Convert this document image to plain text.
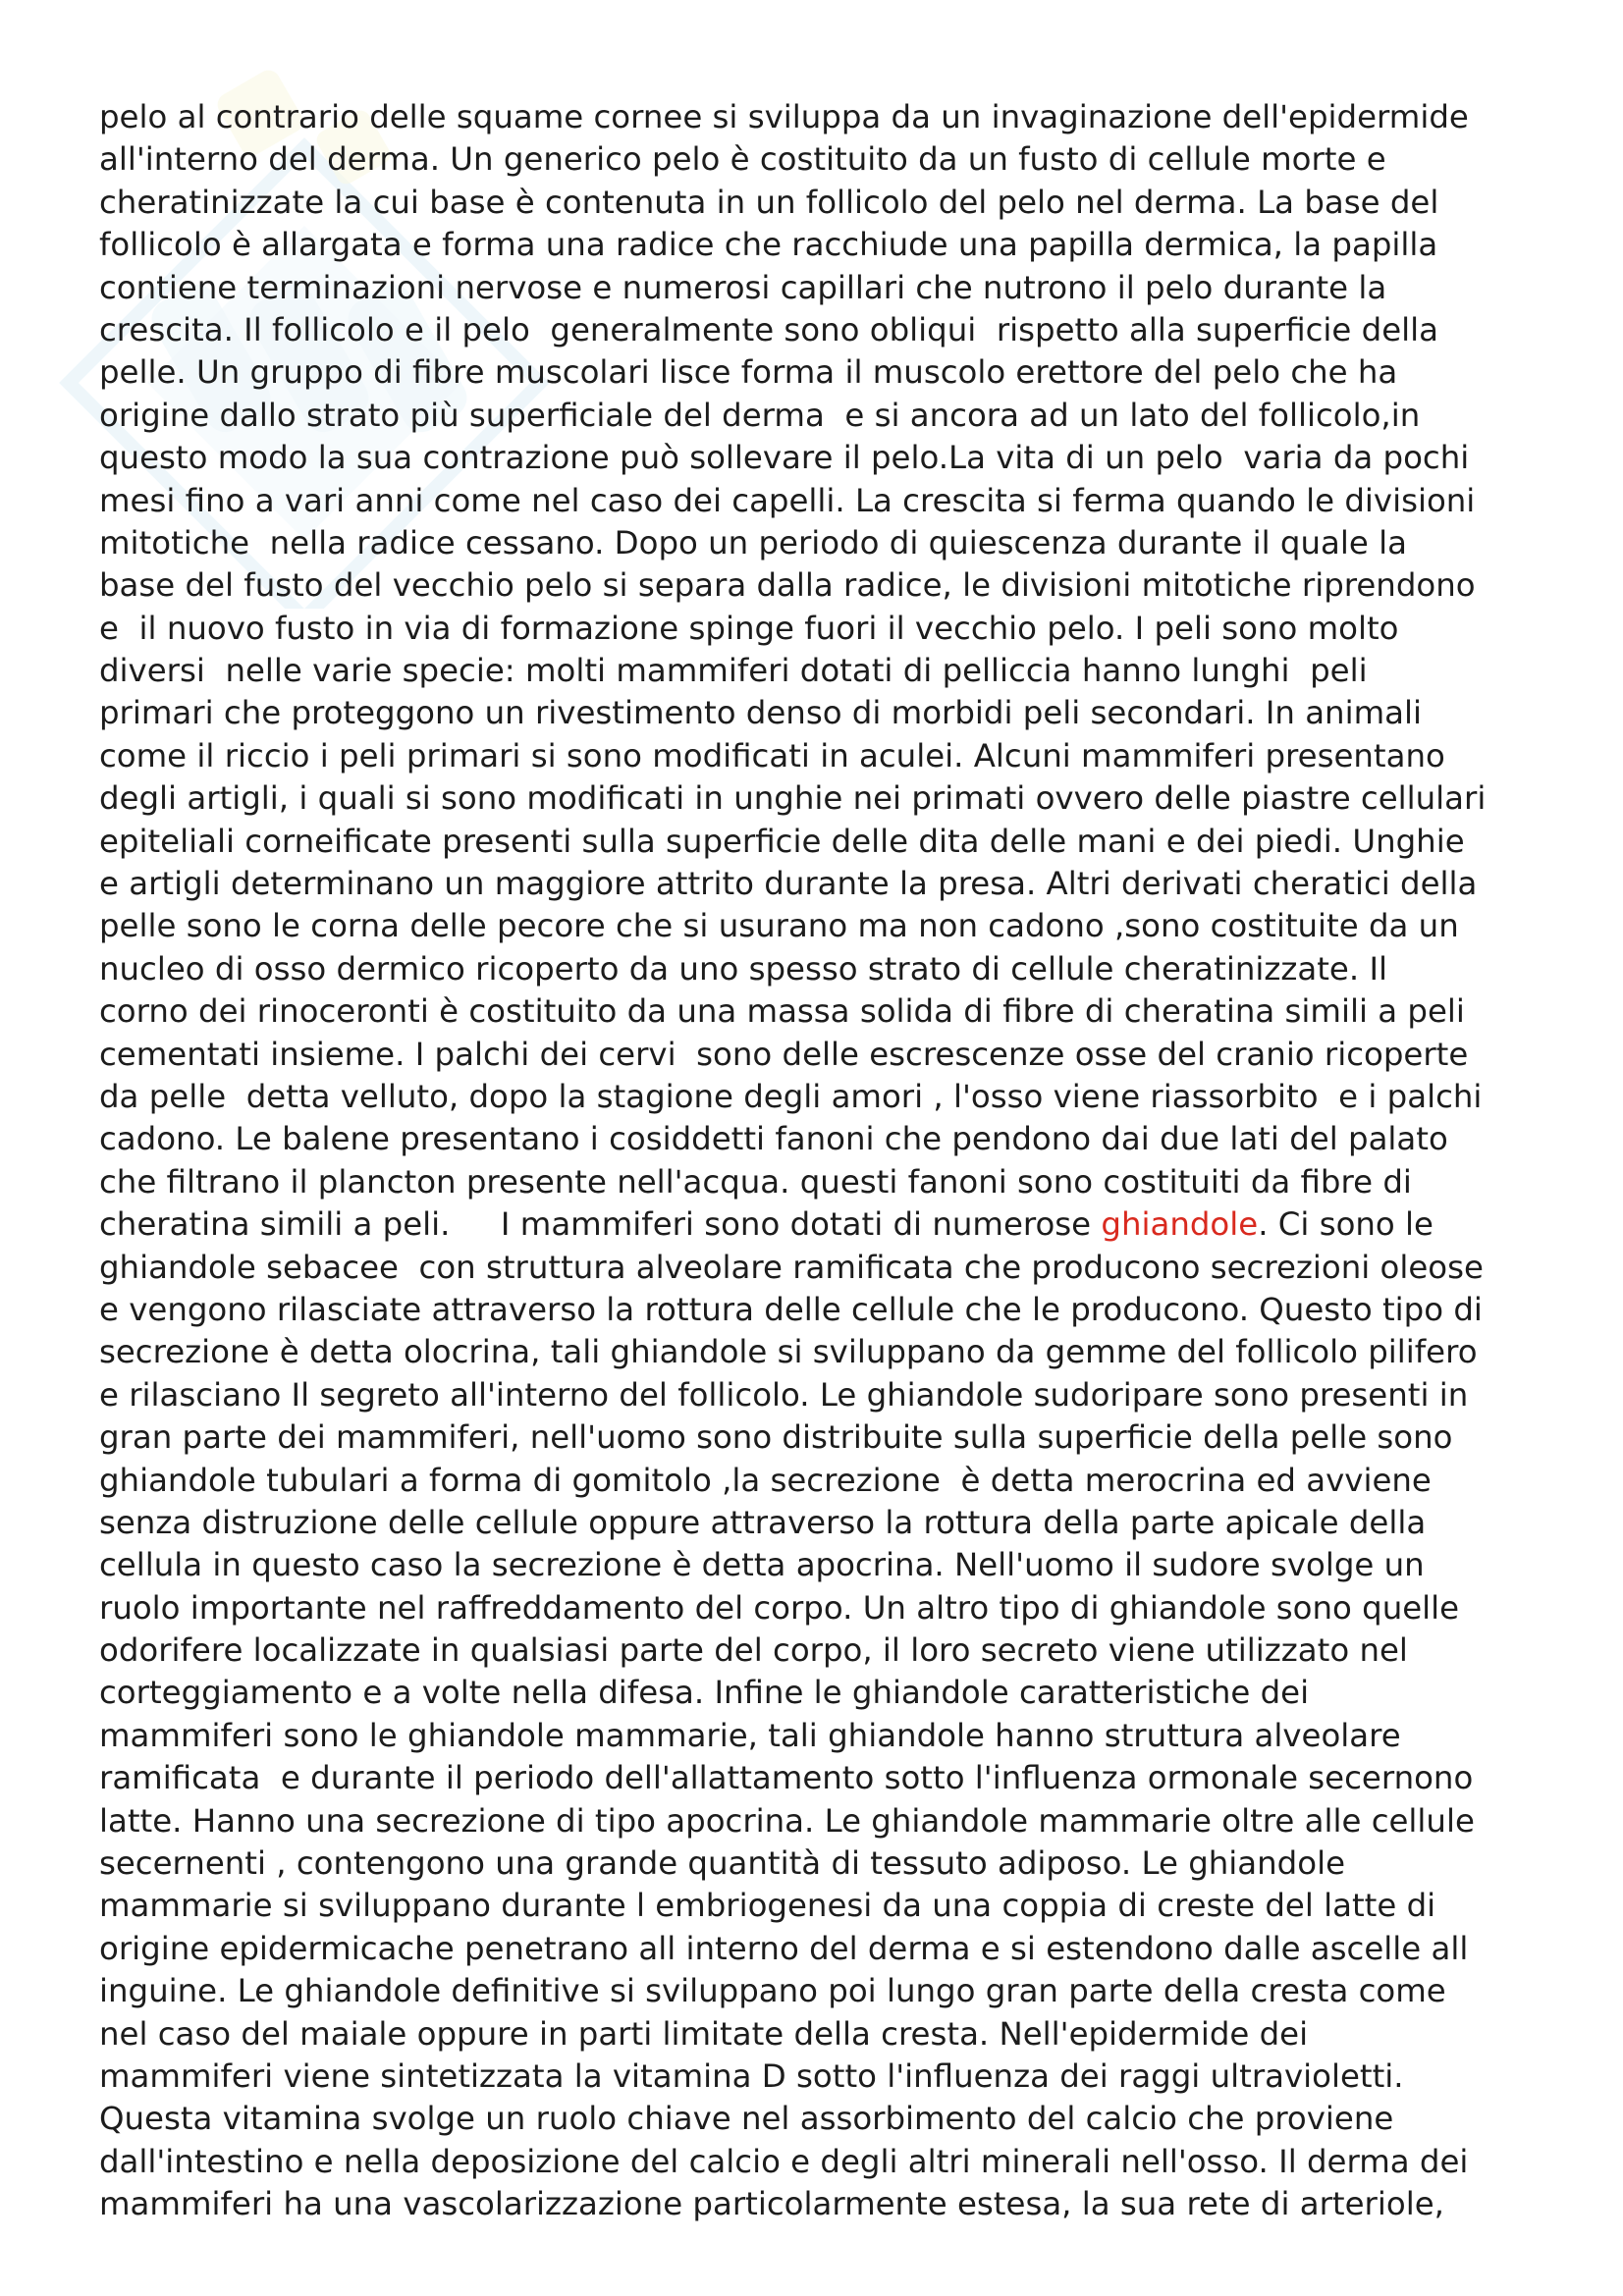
pelo al contrario delle squame cornee si sviluppa da un invaginazione dell'epidermide
all'interno del derma. Un generico pelo è costituito da un fusto di cellule morte e
cheratinizzate la cui base è contenuta in un follicolo del pelo nel derma. La base del
follicolo è allargata e forma una radice che racchiude una papilla dermica, la papilla
contiene terminazioni nervose e numerosi capillari che nutrono il pelo durante la
crescita. Il follicolo e il pelo  generalmente sono obliqui  rispetto alla superficie della
pelle. Un gruppo di fibre muscolari lisce forma il muscolo erettore del pelo che ha
origine dallo strato più superficiale del derma  e si ancora ad un lato del follicolo,in
questo modo la sua contrazione può sollevare il pelo.La vita di un pelo  varia da pochi
mesi fino a vari anni come nel caso dei capelli. La crescita si ferma quando le divisioni
mitotiche  nella radice cessano. Dopo un periodo di quiescenza durante il quale la
base del fusto del vecchio pelo si separa dalla radice, le divisioni mitotiche riprendono
e  il nuovo fusto in via di formazione spinge fuori il vecchio pelo. I peli sono molto
diversi  nelle varie specie: molti mammiferi dotati di pelliccia hanno lunghi  peli
primari che proteggono un rivestimento denso di morbidi peli secondari. In animali
come il riccio i peli primari si sono modificati in aculei. Alcuni mammiferi presentano
degli artigli, i quali si sono modificati in unghie nei primati ovvero delle piastre cellulari
epiteliali corneificate presenti sulla superficie delle dita delle mani e dei piedi. Unghie
e artigli determinano un maggiore attrito durante la presa. Altri derivati cheratici della
pelle sono le corna delle pecore che si usurano ma non cadono ,sono costituite da un
nucleo di osso dermico ricoperto da uno spesso strato di cellule cheratinizzate. Il
corno dei rinoceronti è costituito da una massa solida di fibre di cheratina simili a peli
cementati insieme. I palchi dei cervi  sono delle escrescenze osse del cranio ricoperte
da pelle  detta velluto, dopo la stagione degli amori , l'osso viene riassorbito  e i palchi
cadono. Le balene presentano i cosiddetti fanoni che pendono dai due lati del palato
che filtrano il plancton presente nell'acqua. questi fanoni sono costituiti da fibre di
cheratina simili a peli.     I mammiferi sono dotati di numerose ghiandole. Ci sono le
ghiandole sebacee  con struttura alveolare ramificata che producono secrezioni oleose
e vengono rilasciate attraverso la rottura delle cellule che le producono. Questo tipo di
secrezione è detta olocrina, tali ghiandole si sviluppano da gemme del follicolo pilifero
e rilasciano Il segreto all'interno del follicolo. Le ghiandole sudoripare sono presenti in
gran parte dei mammiferi, nell'uomo sono distribuite sulla superficie della pelle sono
ghiandole tubulari a forma di gomitolo ,la secrezione  è detta merocrina ed avviene
senza distruzione delle cellule oppure attraverso la rottura della parte apicale della
cellula in questo caso la secrezione è detta apocrina. Nell'uomo il sudore svolge un
ruolo importante nel raffreddamento del corpo. Un altro tipo di ghiandole sono quelle
odorifere localizzate in qualsiasi parte del corpo, il loro secreto viene utilizzato nel
corteggiamento e a volte nella difesa. Infine le ghiandole caratteristiche dei
mammiferi sono le ghiandole mammarie, tali ghiandole hanno struttura alveolare
ramificata  e durante il periodo dell'allattamento sotto l'influenza ormonale secernono
latte. Hanno una secrezione di tipo apocrina. Le ghiandole mammarie oltre alle cellule
secernenti , contengono una grande quantità di tessuto adiposo. Le ghiandole
mammarie si sviluppano durante l embriogenesi da una coppia di creste del latte di
origine epidermicache penetrano all interno del derma e si estendono dalle ascelle all
inguine. Le ghiandole definitive si sviluppano poi lungo gran parte della cresta come
nel caso del maiale oppure in parti limitate della cresta. Nell'epidermide dei
mammiferi viene sintetizzata la vitamina D sotto l'influenza dei raggi ultravioletti.
Questa vitamina svolge un ruolo chiave nel assorbimento del calcio che proviene
dall'intestino e nella deposizione del calcio e degli altri minerali nell'osso. Il derma dei
mammiferi ha una vascolarizzazione particolarmente estesa, la sua rete di arteriole,
